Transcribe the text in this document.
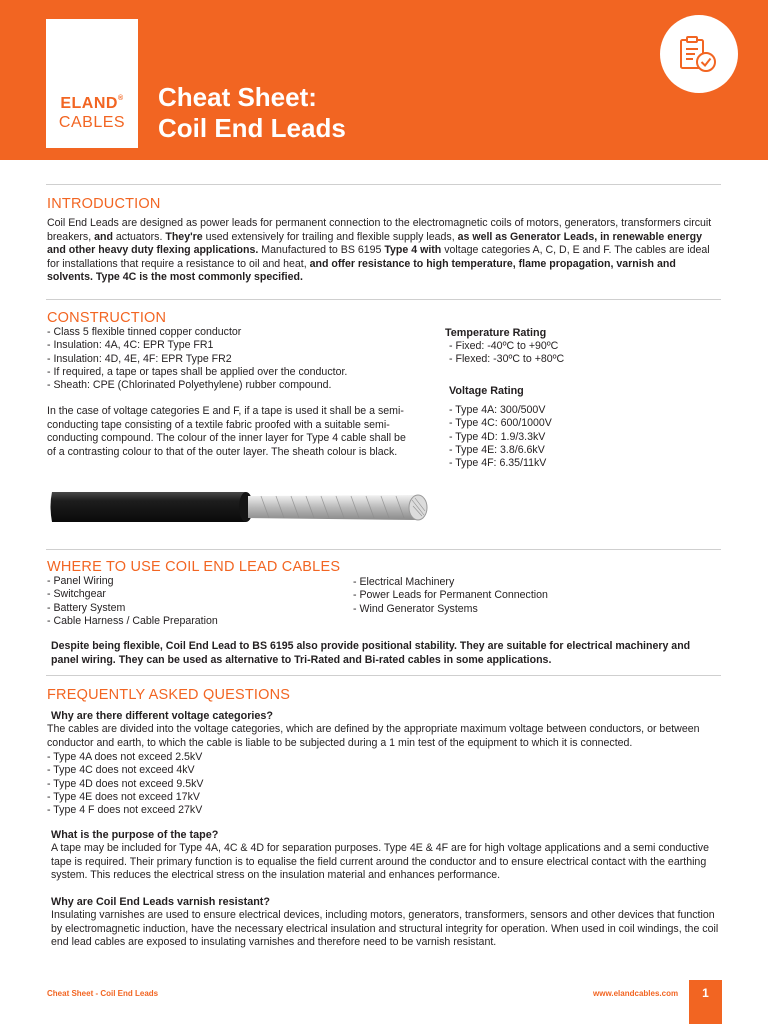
ELAND®
CABLES
Cheat Sheet:
Coil End Leads
INTRODUCTION

Coil End Leads are designed as power leads for permanent connection to the electromagnetic coils of motors, generators, transformers circuit breakers, and actuators. They're used extensively for trailing and flexible supply leads, as well as Generator Leads, in renewable energy and other heavy duty flexing applications. Manufactured to BS 6195 Type 4 with voltage categories A, C, D, E and F. The cables are ideal for installations that require a resistance to oil and heat, and offer resistance to high temperature, flame propagation, varnish and solvents. Type 4C is the most commonly specified.

CONSTRUCTION
- Class 5 flexible tinned copper conductor
- Insulation: 4A, 4C: EPR Type FR1
- Insulation: 4D, 4E, 4F: EPR Type FR2
- If required, a tape or tapes shall be applied over the conductor.
- Sheath: CPE (Chlorinated Polyethylene) rubber compound.

In the case of voltage categories E and F, if a tape is used it shall be a semi-conducting tape consisting of a textile fabric proofed with a suitable semi-conducting compound. The colour of the inner layer for Type 4 cable shall be of a contrasting colour to that of the outer layer. The sheath colour is black.

Temperature Rating
- Fixed: -40ºC to +90ºC
- Flexed: -30ºC to +80ºC
Voltage Rating
- Type 4A: 300/500V
- Type 4C: 600/1000V
- Type 4D: 1.9/3.3kV
- Type 4E: 3.8/6.6kV
- Type 4F: 6.35/11kV
WHERE TO USE COIL END LEAD CABLES
- Panel Wiring
- Switchgear
- Battery System
- Cable Harness / Cable Preparation
- Electrical Machinery
- Power Leads for Permanent Connection
- Wind Generator Systems

Despite being flexible, Coil End Lead to BS 6195 also provide positional stability. They are suitable for electrical machinery and panel wiring. They can be used as alternative to Tri-Rated and Bi-rated cables in some applications.

FREQUENTLY ASKED QUESTIONS
Why are there different voltage categories?

The cables are divided into the voltage categories, which are defined by the appropriate maximum voltage between conductors, or between conductor and earth, to which the cable is liable to be subjected during a 1 min test of the equipment to which it is connected.

- Type 4A does not exceed 2.5kV
- Type 4C does not exceed 4kV
- Type 4D does not exceed 9.5kV
- Type 4E does not exceed 17kV
- Type 4 F does not exceed 27kV
What is the purpose of the tape?

A tape may be included for Type 4A, 4C & 4D for separation purposes. Type 4E & 4F are for high voltage applications and a semi conductive tape is required. Their primary function is to equalise the field current around the conductor and to ensure electrical contact with the earthing system. This reduces the electrical stress on the insulation material and enhances performance.

Why are Coil End Leads varnish resistant?

Insulating varnishes are used to ensure electrical devices, including motors, generators, transformers, sensors and other devices that function by electromagnetic induction, have the necessary electrical insulation and structural integrity for operation. When used in coil windings, the coil end lead cables are exposed to insulating varnishes and therefore need to be varnish resistant.

Cheat Sheet - Coil End Leads	www.elandcables.com	1
